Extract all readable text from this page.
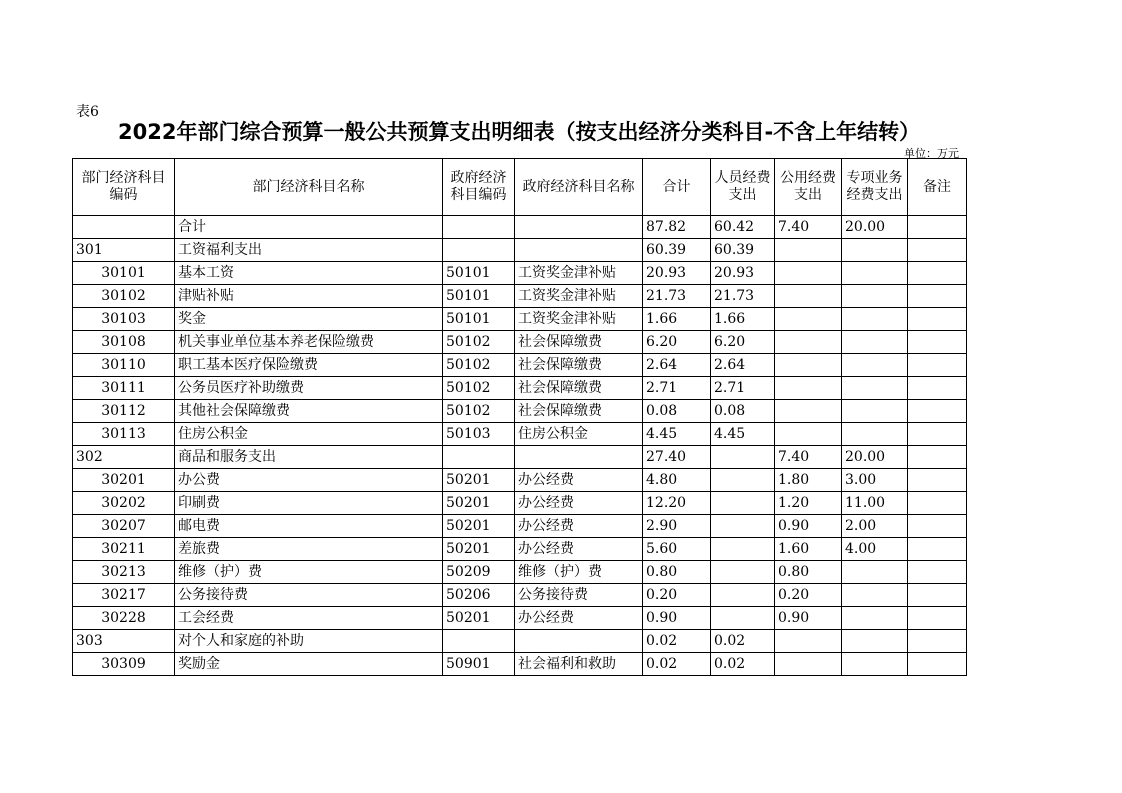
表6
2022年部门综合预算一般公共预算支出明细表（按支出经济分类科目-不含上年结转）
单位：万元
部门经济科目编码	部门经济科目名称	政府经济科目编码	政府经济科目名称	合计	人员经费支出	公用经费支出	专项业务经费支出	备注
	合计			87.82	60.42	7.40	20.00	
301	工资福利支出			60.39	60.39			
30101	基本工资	50101	工资奖金津补贴	20.93	20.93			
30102	津贴补贴	50101	工资奖金津补贴	21.73	21.73			
30103	奖金	50101	工资奖金津补贴	1.66	1.66			
30108	机关事业单位基本养老保险缴费	50102	社会保障缴费	6.20	6.20			
30110	职工基本医疗保险缴费	50102	社会保障缴费	2.64	2.64			
30111	公务员医疗补助缴费	50102	社会保障缴费	2.71	2.71			
30112	其他社会保障缴费	50102	社会保障缴费	0.08	0.08			
30113	住房公积金	50103	住房公积金	4.45	4.45			
302	商品和服务支出			27.40		7.40	20.00	
30201	办公费	50201	办公经费	4.80		1.80	3.00	
30202	印刷费	50201	办公经费	12.20		1.20	11.00	
30207	邮电费	50201	办公经费	2.90		0.90	2.00	
30211	差旅费	50201	办公经费	5.60		1.60	4.00	
30213	维修（护）费	50209	维修（护）费	0.80		0.80		
30217	公务接待费	50206	公务接待费	0.20		0.20		
30228	工会经费	50201	办公经费	0.90		0.90		
303	对个人和家庭的补助			0.02	0.02			
30309	奖励金	50901	社会福利和救助	0.02	0.02			
